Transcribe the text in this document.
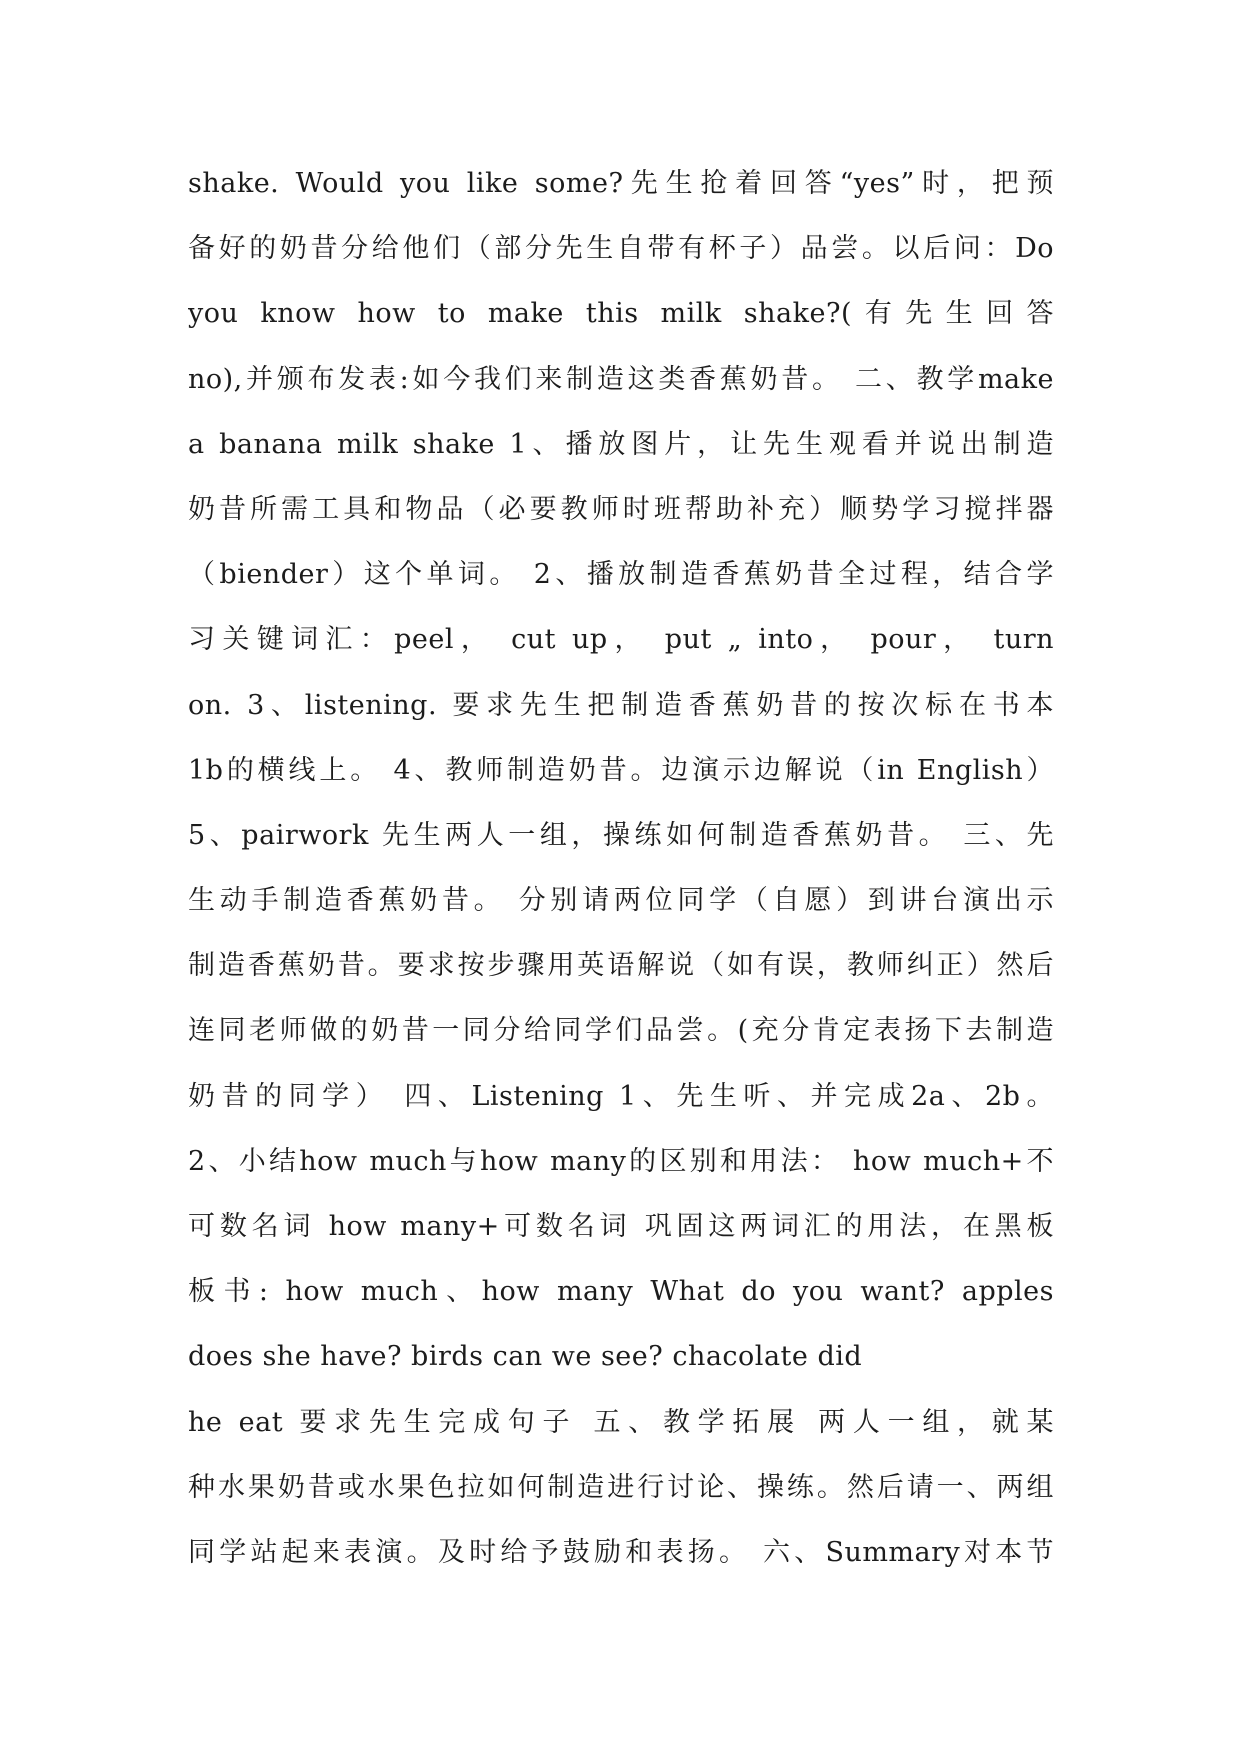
shake. Would you like some?先生抢着回答“yes”时，把预
备好的奶昔分给他们（部分先生自带有杯子）品尝。以后问：Do
you know how to make this milk shake?(有先生回答
no),并颁布发表:如今我们来制造这类香蕉奶昔。 二、教学make
a banana milk shake 1、播放图片，让先生观看并说出制造
奶昔所需工具和物品（必要教师时班帮助补充）顺势学习搅拌器
（biender）这个单词。 2、播放制造香蕉奶昔全过程，结合学
习关键词汇：peel， cut up， put „ into， pour， turn
on. 3、listening. 要求先生把制造香蕉奶昔的按次标在书本
1b的横线上。 4、教师制造奶昔。边演示边解说（in English）
5、pairwork 先生两人一组，操练如何制造香蕉奶昔。 三、先
生动手制造香蕉奶昔。 分别请两位同学（自愿）到讲台演出示
制造香蕉奶昔。要求按步骤用英语解说（如有误，教师纠正）然后
连同老师做的奶昔一同分给同学们品尝。(充分肯定表扬下去制造
奶昔的同学） 四、Listening 1、先生听、并完成2a、2b。
2、小结how much与how many的区别和用法： how much+不
可数名词 how many+可数名词 巩固这两词汇的用法，在黑板
板书: how much、how many What do you want? apples
does she have? birds can we see? chacolate did
he eat 要求先生完成句子 五、教学拓展 两人一组，就某
种水果奶昔或水果色拉如何制造进行讨论、操练。然后请一、两组
同学站起来表演。及时给予鼓励和表扬。 六、Summary对本节
